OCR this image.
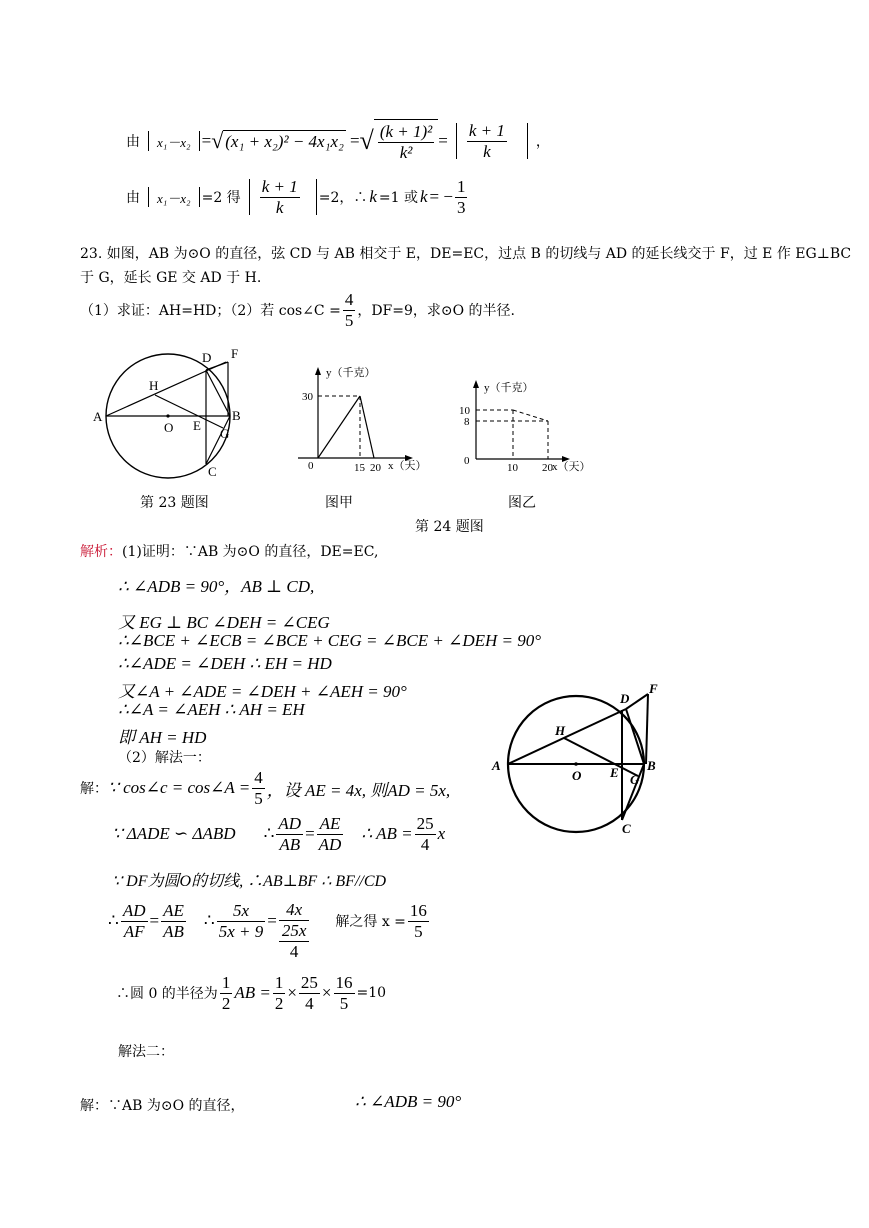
由 x₁－x₂ = √ (x₁ + x₂)² − 4x₁x₂ = √ $\frac{\text{(k + 1)²}}{\text{k²}} = \frac{k + 1}{k}$ ，
由 x₁－x₂ =2 得 $\frac{k + 1}{k} =2$，∴ k =1 或 k = − $\frac{1}{3}$
23. 如图，AB 为⊙O 的直径，弦 CD 与 AB 相交于 E，DE=EC，过点 B 的切线与 AD 的延长线交于 F，过 E 作 EG⊥BC
于 G，延长 GE 交 AD 于 H.
（1）求证：AH=HD；（2）若 cos∠C = $\frac{4}{5}$ ，DF=9，求⊙O 的半径.
A
O E
B
D F
H
G
C
第 23 题图
y（千克）
x（天）
30
0	15 20
图甲
y（千克）
x（天）
10
8
0
10 20
图乙
第 24 题图
解析：(1)证明：∵AB 为⊙O 的直径，DE=EC,
∴ ∠ADB = 90°，AB ⊥ CD,
又 EG ⊥ BC ∠DEH = ∠CEG
∴∠BCE + ∠ECB = ∠BCE + CEG = ∠BCE + ∠DEH = 90°
∴∠ADE = ∠DEH ∴ EH = HD
又∠A + ∠ADE = ∠DEH + ∠AEH = 90°
∴∠A = ∠AEH ∴ AH = EH
即 AH = HD
（2）解法一：
解： ∵ cos∠c = cos∠A = $\frac{4}{5}$ ，设 AE = 4x, 则AD = 5x,
∵ ΔADE ∽ ΔABD ∴ $\frac{AD}{AB} = \frac{AE}{AD}$ ∴ AB = $\frac{25}{4}$ x
∵ DF为圆O的切线, ∴AB⊥BF ∴ BF//CD
∴ $\frac{AD}{AF} = \frac{AE}{AB}$ ∴ $\frac{5x}{5x + 9}$ =
4x
25x
4
解之得 $x = \frac{16}{5}$
∴圆 0 的半径为 $\frac{1}{2}$ AB = $\frac{1}{2} \times \frac{25}{4} \times \frac{16}{5} =10$
解法二：
解：∵AB 为⊙O 的直径，	∴ ∠ADB = 90°
A
O E G
B
D
F
H
C
